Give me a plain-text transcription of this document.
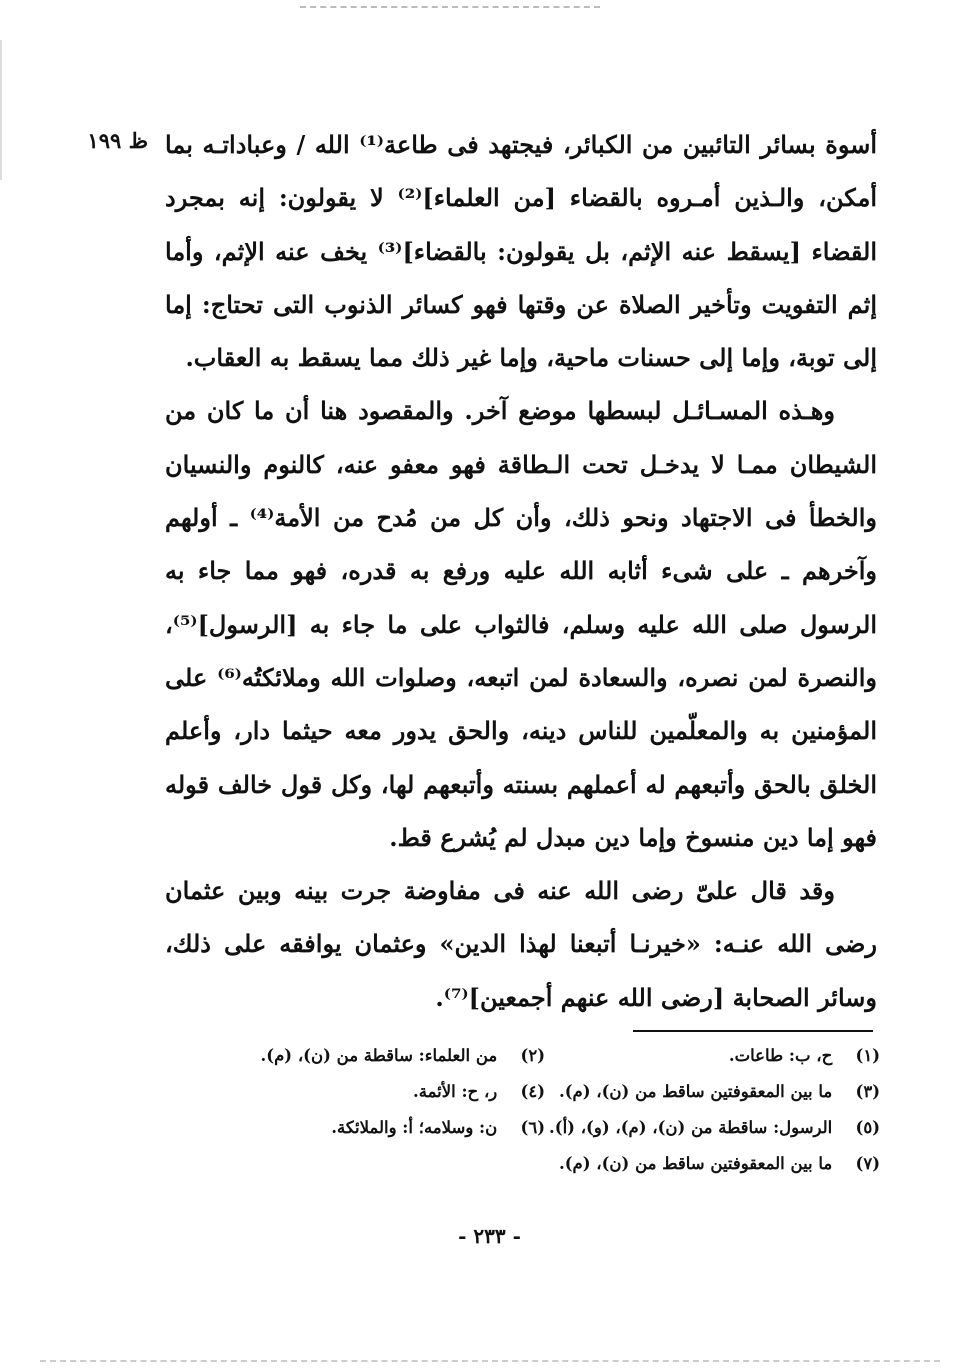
ظ ١٩٩ أسوة بسائر التائبين من الكبائر، فيجتهد فى طاعة⁽¹⁾ الله / وعباداتـه بما أمكن، والـذين أمـروه بالقضاء [من العلماء]⁽²⁾ لا يقولون: إنه بمجرد القضاء [يسقط عنه الإثم، بل يقولون: بالقضاء]⁽³⁾ يخف عنه الإثم، وأما إثم التفويت وتأخير الصلاة عن وقتها فهو كسائر الذنوب التى تحتاج: إما إلى توبة، وإما إلى حسنات ماحية، وإما غير ذلك مما يسقط به العقاب.

وهـذه المسـائـل لبسطها موضع آخر. والمقصود هنا أن ما كان من الشيطان ممـا لا يدخـل تحت الـطاقة فهو معفو عنه، كالنوم والنسيان والخطأ فى الاجتهاد ونحو ذلك، وأن كل من مُدح من الأمة⁽⁴⁾ ـ أولهم وآخرهم ـ على شىء أثابه الله عليه ورفع به قدره، فهو مما جاء به الرسول صلى الله عليه وسلم، فالثواب على ما جاء به [الرسول]⁽⁵⁾، والنصرة لمن نصره، والسعادة لمن اتبعه، وصلوات الله وملائكتُه⁽⁶⁾ على المؤمنين به والمعلّمين للناس دينه، والحق يدور معه حيثما دار، وأعلم الخلق بالحق وأتبعهم له أعملهم بسنته وأتبعهم لها، وكل قول خالف قوله فهو إما دين منسوخ وإما دين مبدل لم يُشرع قط.

وقد قال علىّ رضى الله عنه فى مفاوضة جرت بينه وبين عثمان رضى الله عنـه: «خيرنـا أتبعنا لهذا الدين» وعثمان يوافقه على ذلك، وسائر الصحابة [رضى الله عنهم أجمعين]⁽⁷⁾.

(١) ح، ب: طاعات.
(٢) من العلماء: ساقطة من (ن)، (م).
(٣) ما بين المعقوفتين ساقط من (ن)، (م).
(٤) ر، ح: الأئمة.
(٥) الرسول: ساقطة من (ن)، (م)، (و)، (أ).
(٦) ن: وسلامه؛ أ: والملائكة.
(٧) ما بين المعقوفتين ساقط من (ن)، (م).
- ٢٣٣ -
